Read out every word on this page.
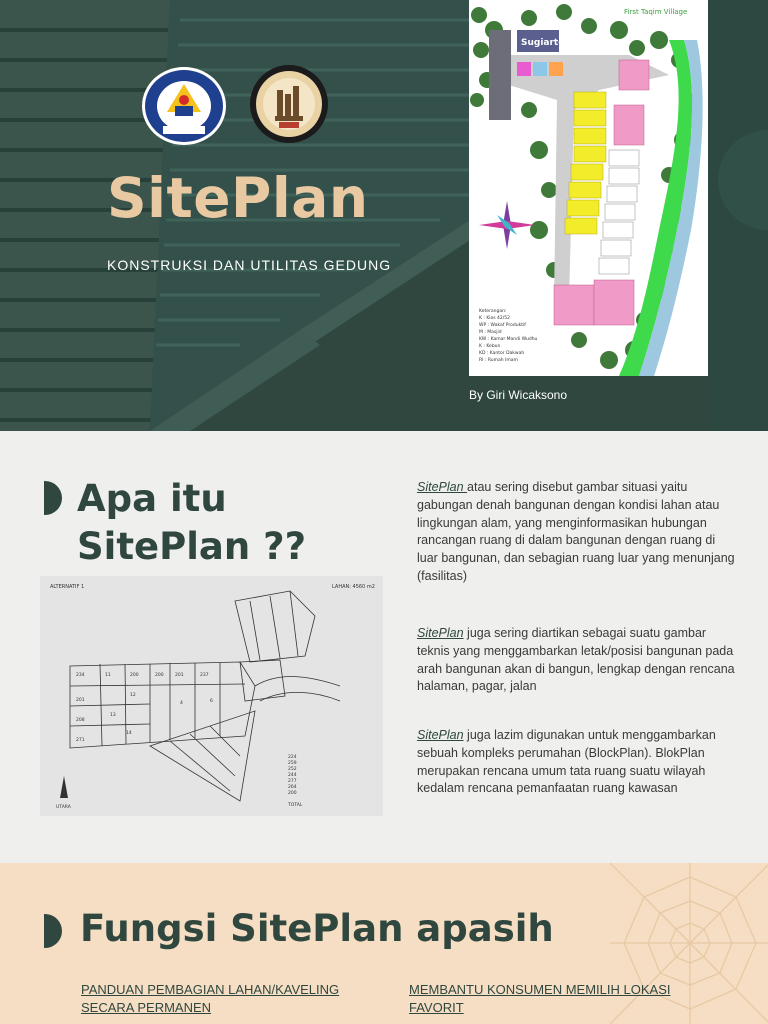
SitePlan
KONSTRUKSI DAN UTILITAS GEDUNG
Sugiarto
First Taqim Village
Keterangan:
K : Kios 42/52
WP : Wakaf Produktif
M : Masjid
KW : Kamar Mandi Wudhu
K : Kebun
KD : Kantor Dakwah
RI : Rumah Imam
By Giri Wicaksono
Apa itu SitePlan ??
ALTERNATIF 1	LAHAN: 4560 m2
234	11	200	200	201	237
201
12
4
208
13
6
271
14
224
259
252
244
277
264
200
TOTAL
UTARA

SitePlan atau sering disebut gambar situasi yaitu gabungan denah bangunan dengan kondisi lahan atau lingkungan alam, yang menginformasikan hubungan rancangan ruang di dalam bangunan dengan ruang di luar bangunan, dan sebagian ruang luar yang menunjang (fasilitas)

SitePlan juga sering diartikan sebagai suatu gambar teknis yang menggambarkan letak/posisi bangunan pada arah bangunan akan di bangun, lengkap dengan rencana halaman, pagar, jalan

SitePlan juga lazim digunakan untuk menggambarkan sebuah kompleks perumahan (BlockPlan). BlokPlan merupakan rencana umum tata ruang suatu wilayah kedalam rencana pemanfaatan ruang kawasan

Fungsi SitePlan apasih
PANDUAN PEMBAGIAN LAHAN/KAVELING SECARA PERMANEN
MEMBANTU KONSUMEN MEMILIH LOKASI FAVORIT
